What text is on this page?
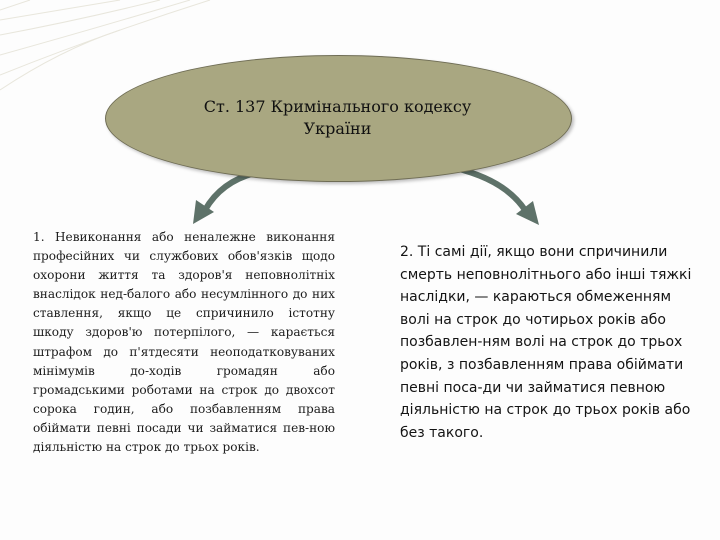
Ст. 137 Кримінального кодексу
України
1. Невиконання або неналежне виконання професійних чи службових обов'язків щодо охорони життя та здоров'я неповнолітніх внаслідок нед-балого або несумлінного до них ставлення, якщо це спричинило істотну шкоду здоров'ю потерпілого, — карається штрафом до п'ятдесяти неоподатковуваних мінімумів до-ходів громадян або громадськими роботами на строк до двохсот сорока годин, або позбавленням права обіймати певні посади чи займатися пев-ною діяльністю на строк до трьох років.
2. Ті самі дії, якщо вони спричинили смерть неповнолітнього або інші тяжкі наслідки, — караються обмеженням волі на строк до чотирьох років або позбавлен-ням волі на строк до трьох років, з позбавленням права обіймати певні поса-ди чи займатися певною діяльністю на строк до трьох років або без такого.
